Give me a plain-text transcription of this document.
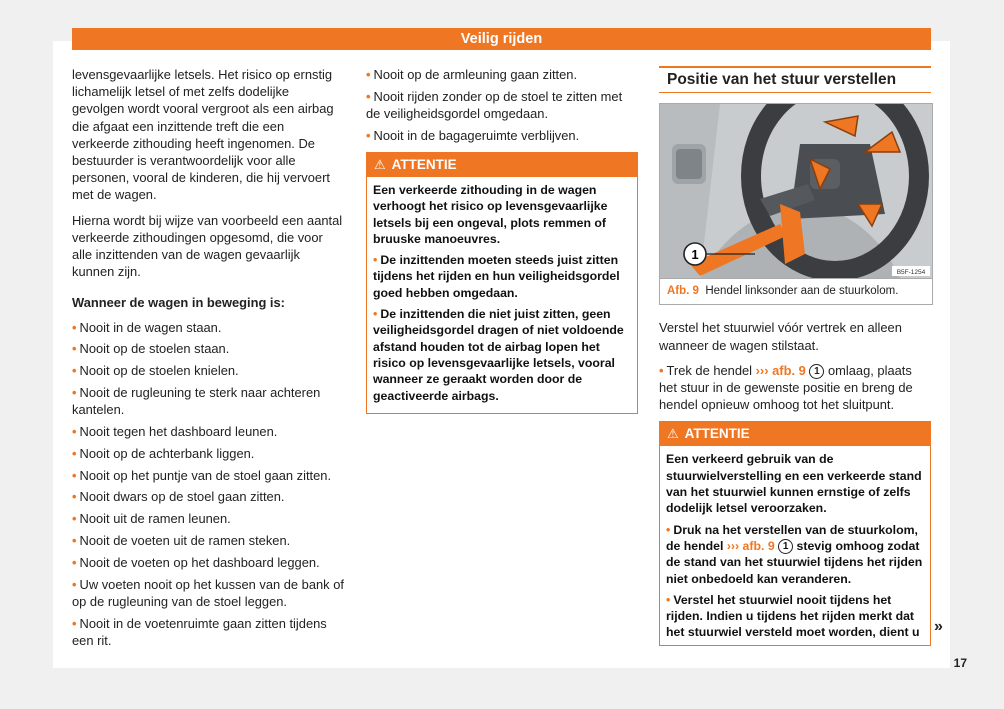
Veilig rijden

levensgevaarlijke letsels. Het risico op ernstig lichamelijk letsel of met zelfs dodelijke gevolgen wordt vooral vergroot als een airbag die afgaat een inzittende treft die een verkeerde zithouding heeft ingenomen. De bestuurder is verantwoordelijk voor alle personen, vooral de kinderen, die hij vervoert met de wagen.

Hierna wordt bij wijze van voorbeeld een aantal verkeerde zithoudingen opgesomd, die voor alle inzittenden van de wagen gevaarlijk kunnen zijn.

Wanneer de wagen in beweging is:

• Nooit in de wagen staan.
• Nooit op de stoelen staan.
• Nooit op de stoelen knielen.
• Nooit de rugleuning te sterk naar achteren kantelen.
• Nooit tegen het dashboard leunen.
• Nooit op de achterbank liggen.
• Nooit op het puntje van de stoel gaan zitten.
• Nooit dwars op de stoel gaan zitten.
• Nooit uit de ramen leunen.
• Nooit de voeten uit de ramen steken.
• Nooit de voeten op het dashboard leggen.
• Uw voeten nooit op het kussen van de bank of op de rugleuning van de stoel leggen.
• Nooit in de voetenruimte gaan zitten tijdens een rit.
• Nooit op de armleuning gaan zitten.
• Nooit rijden zonder op de stoel te zitten met de veiligheidsgordel omgedaan.
• Nooit in de bagageruimte verblijven.
⚠ ATTENTIE

Een verkeerde zithouding in de wagen verhoogt het risico op levensgevaarlijke letsels bij een ongeval, plots remmen of bruuske manoeuvres.

• De inzittenden moeten steeds juist zitten tijdens het rijden en hun veiligheidsgordel goed hebben omgedaan.

• De inzittenden die niet juist zitten, geen veiligheidsgordel dragen of niet voldoende afstand houden tot de airbag lopen het risico op levensgevaarlijke letsels, vooral wanneer ze geraakt worden door de geactiveerde airbags.

Positie van het stuur verstellen
1
B5F-1254
Afb. 9 Hendel linksonder aan de stuurkolom.

Verstel het stuurwiel vóór vertrek en alleen wanneer de wagen stilstaat.

• Trek de hendel ››› afb. 9 1 omlaag, plaats het stuur in de gewenste positie en breng de hendel opnieuw omhoog tot het sluitpunt.

⚠ ATTENTIE

Een verkeerd gebruik van de stuurwielverstelling en een verkeerde stand van het stuurwiel kunnen ernstige of zelfs dodelijk letsel veroorzaken.

• Druk na het verstellen van de stuurkolom, de hendel ››› afb. 9 1 stevig omhoog zodat de stand van het stuurwiel tijdens het rijden niet onbedoeld kan veranderen.

• Verstel het stuurwiel nooit tijdens het rijden. Indien u tijdens het rijden merkt dat het stuurwiel versteld moet worden, dient u »
17
